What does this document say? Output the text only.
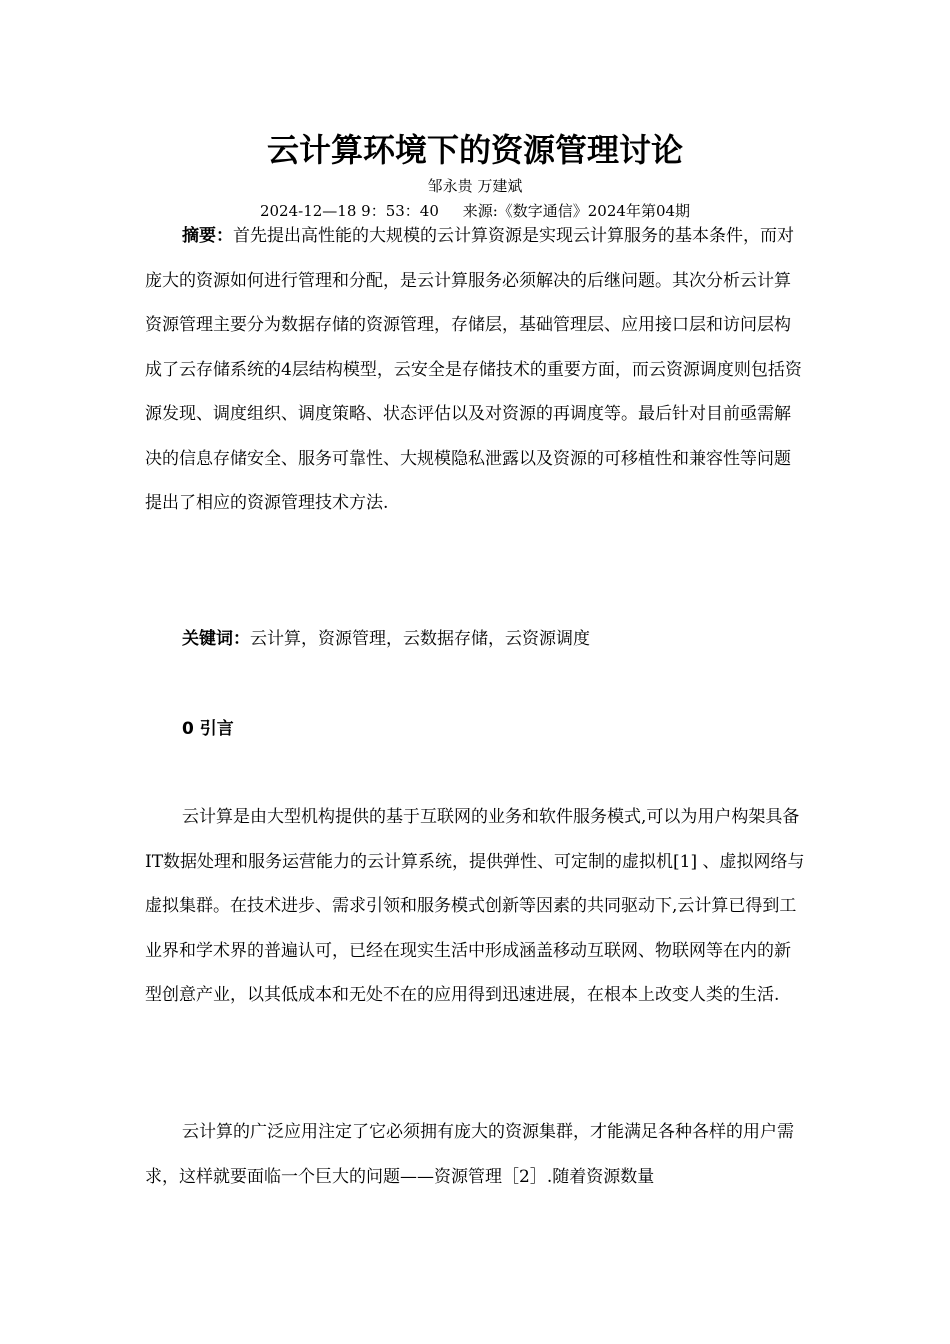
云计算环境下的资源管理讨论
邹永贵 万建斌
2024-12—18 9：53：40     来源:《数字通信》2024年第04期

摘要：首先提出高性能的大规模的云计算资源是实现云计算服务的基本条件，而对庞大的资源如何进行管理和分配，是云计算服务必须解决的后继问题。其次分析云计算资源管理主要分为数据存储的资源管理，存储层，基础管理层、应用接口层和访问层构成了云存储系统的4层结构模型，云安全是存储技术的重要方面，而云资源调度则包括资源发现、调度组织、调度策略、状态评估以及对资源的再调度等。最后针对目前亟需解决的信息存储安全、服务可靠性、大规模隐私泄露以及资源的可移植性和兼容性等问题提出了相应的资源管理技术方法.

关键词：云计算，资源管理，云数据存储，云资源调度
0 引言

云计算是由大型机构提供的基于互联网的业务和软件服务模式,可以为用户构架具备IT数据处理和服务运营能力的云计算系统，提供弹性、可定制的虚拟机[1] 、虚拟网络与虚拟集群。在技术进步、需求引领和服务模式创新等因素的共同驱动下,云计算已得到工业界和学术界的普遍认可，已经在现实生活中形成涵盖移动互联网、物联网等在内的新型创意产业，以其低成本和无处不在的应用得到迅速进展，在根本上改变人类的生活.

云计算的广泛应用注定了它必须拥有庞大的资源集群，才能满足各种各样的用户需求，这样就要面临一个巨大的问题——资源管理［2］.随着资源数量
